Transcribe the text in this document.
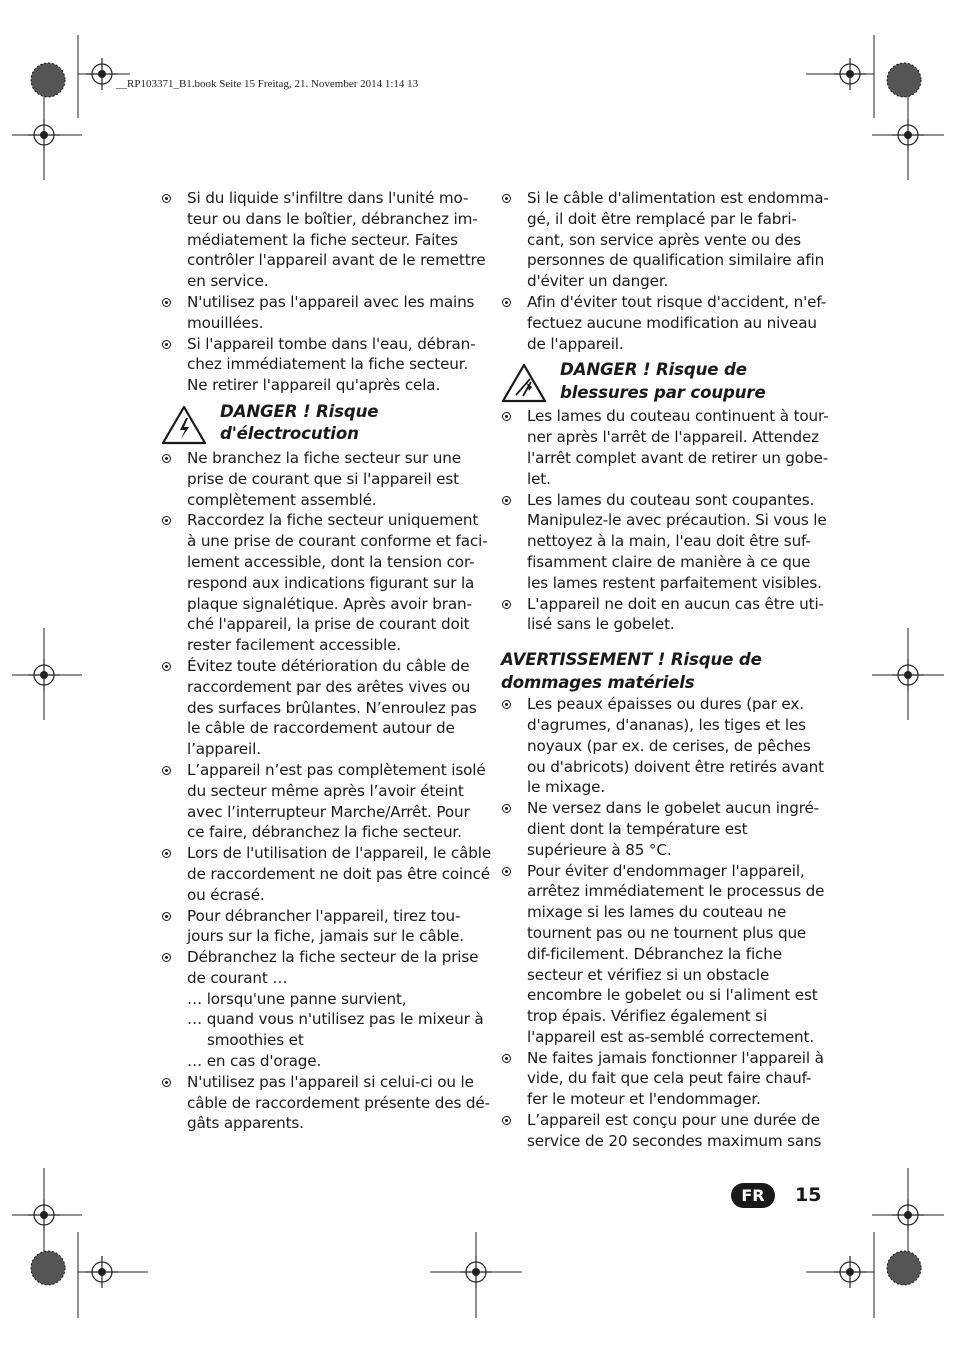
__RP103371_B1.book Seite 15 Freitag, 21. November 2014 1:14 13
Si du liquide s'infiltre dans l'unité mo-teur ou dans le boîtier, débranchez im-médiatement la fiche secteur. Faites contrôler l'appareil avant de le remettre en service.
N'utilisez pas l'appareil avec les mains mouillées.
Si l'appareil tombe dans l'eau, débran-chez immédiatement la fiche secteur. Ne retirer l'appareil qu'après cela.
DANGER ! Risque
d'électrocution
Ne branchez la fiche secteur sur une prise de courant que si l'appareil est complètement assemblé.
Raccordez la fiche secteur uniquement à une prise de courant conforme et faci-lement accessible, dont la tension cor-respond aux indications figurant sur la plaque signalétique. Après avoir bran-ché l'appareil, la prise de courant doit rester facilement accessible.
Évitez toute détérioration du câble de raccordement par des arêtes vives ou des surfaces brûlantes. N’enroulez pas le câble de raccordement autour de l’appareil.
L’appareil n’est pas complètement isolé du secteur même après l’avoir éteint avec l’interrupteur Marche/Arrêt. Pour ce faire, débranchez la fiche secteur.
Lors de l'utilisation de l'appareil, le câble de raccordement ne doit pas être coincé ou écrasé.
Pour débrancher l'appareil, tirez tou-jours sur la fiche, jamais sur le câble.
Débranchez la fiche secteur de la prise de courant …
… lorsqu'une panne survient,
… quand vous n'utilisez pas le mixeur à smoothies et
… en cas d'orage.
N'utilisez pas l'appareil si celui-ci ou le câble de raccordement présente des dé-gâts apparents.
Si le câble d'alimentation est endomma-gé, il doit être remplacé par le fabri-cant, son service après vente ou des personnes de qualification similaire afin d'éviter un danger.
Afin d'éviter tout risque d'accident, n'ef-fectuez aucune modification au niveau de l'appareil.
DANGER ! Risque de
blessures par coupure
Les lames du couteau continuent à tour-ner après l'arrêt de l'appareil. Attendez l'arrêt complet avant de retirer un gobe-let.
Les lames du couteau sont coupantes. Manipulez-le avec précaution. Si vous le nettoyez à la main, l'eau doit être suf-fisamment claire de manière à ce que les lames restent parfaitement visibles.
L'appareil ne doit en aucun cas être uti-lisé sans le gobelet.
AVERTISSEMENT ! Risque de
dommages matériels
Les peaux épaisses ou dures (par ex. d'agrumes, d'ananas), les tiges et les noyaux (par ex. de cerises, de pêches ou d'abricots) doivent être retirés avant le mixage.
Ne versez dans le gobelet aucun ingré-dient dont la température est supérieure à 85 °C.
Pour éviter d'endommager l'appareil, arrêtez immédiatement le processus de mixage si les lames du couteau ne tournent pas ou ne tournent plus que dif-ficilement. Débranchez la fiche secteur et vérifiez si un obstacle encombre le gobelet ou si l'aliment est trop épais. Vérifiez également si l'appareil est as-semblé correctement.
Ne faites jamais fonctionner l'appareil à vide, du fait que cela peut faire chauf-fer le moteur et l'endommager.
L’appareil est conçu pour une durée de service de 20 secondes maximum sans
FR	15
